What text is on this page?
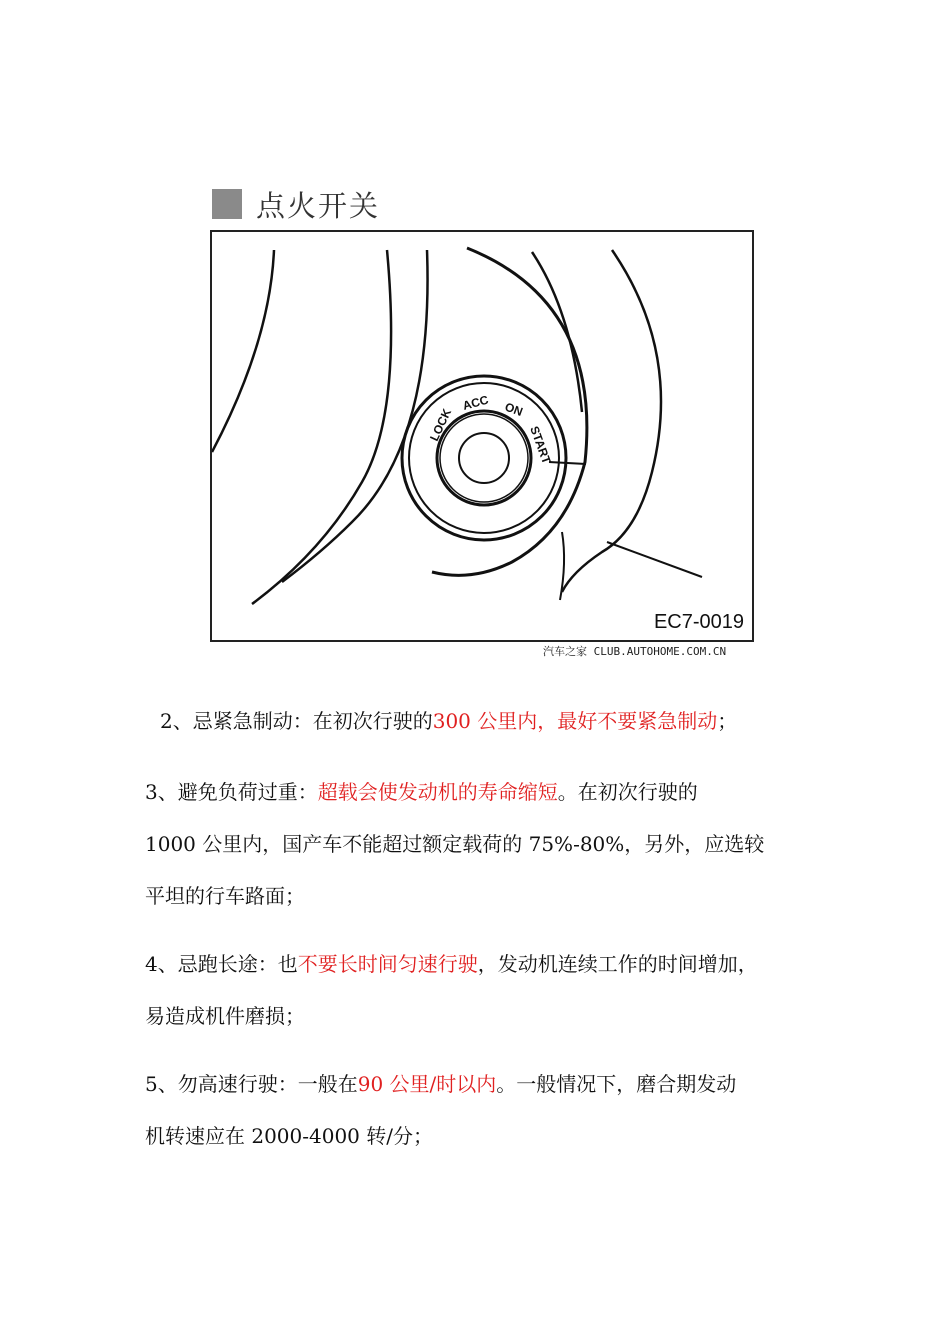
点火开关
LOCK
ACC ON
START
EC7-0019
汽车之家 CLUB.AUTOHOME.COM.CN

2、忌紧急制动：在初次行驶的300 公里内，最好不要紧急制动；

3、避免负荷过重：超载会使发动机的寿命缩短。在初次行驶的
1000 公里内，国产车不能超过额定载荷的 75%-80%，另外，应选较
平坦的行车路面；

4、忌跑长途：也不要长时间匀速行驶，发动机连续工作的时间增加，
易造成机件磨损；

5、勿高速行驶：一般在90 公里/时以内。一般情况下，磨合期发动
机转速应在 2000-4000 转/分；
